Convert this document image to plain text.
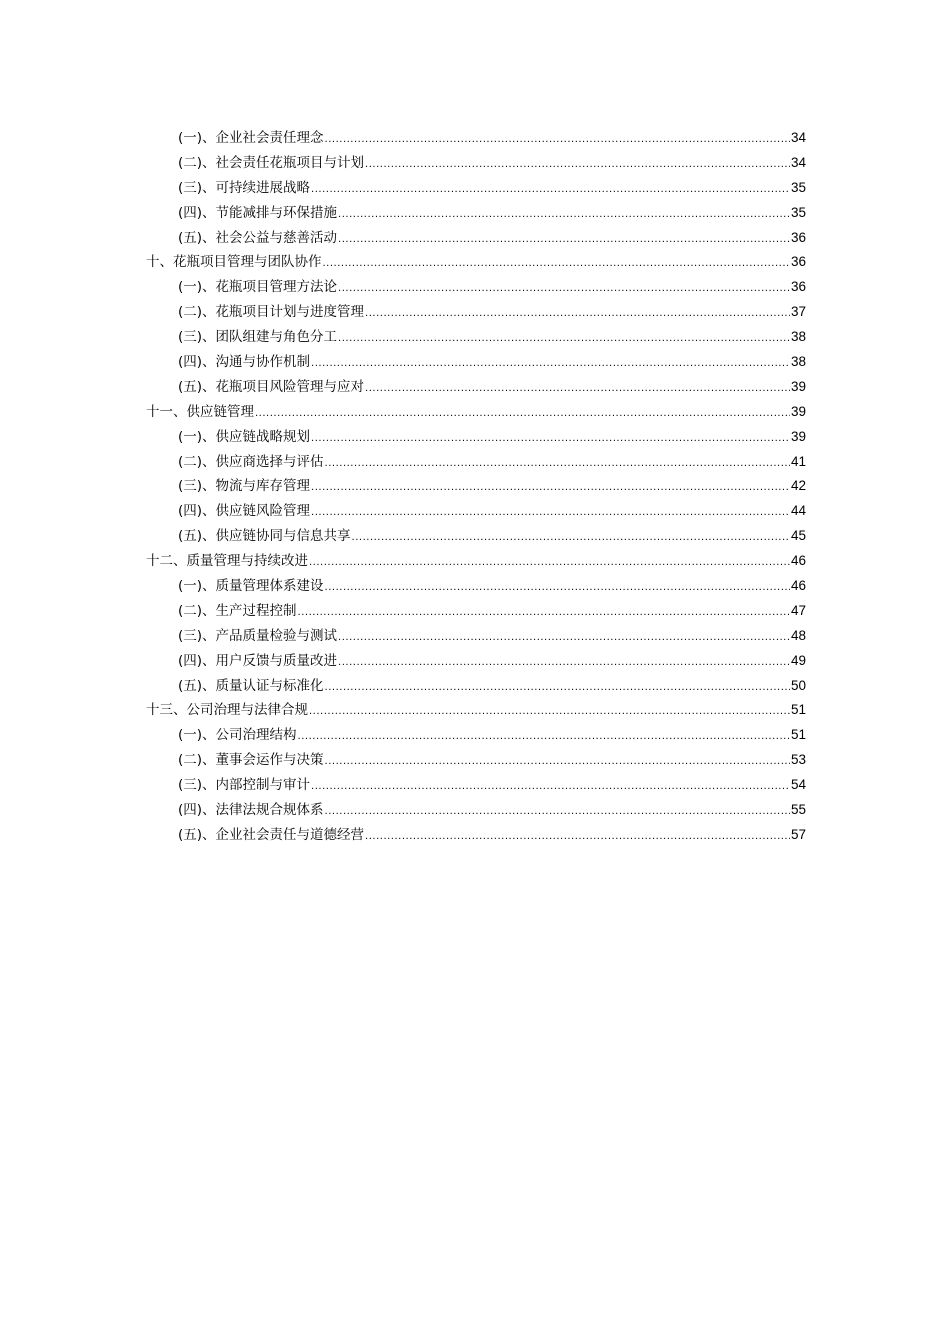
(一)、企业社会责任理念 .....	34
(二)、社会责任花瓶项目与计划 .....	34
(三)、可持续进展战略 .....	35
(四)、节能减排与环保措施 .....	35
(五)、社会公益与慈善活动 .....	36
十、花瓶项目管理与团队协作 .....	36
(一)、花瓶项目管理方法论 .....	36
(二)、花瓶项目计划与进度管理 .....	37
(三)、团队组建与角色分工 .....	38
(四)、沟通与协作机制 .....	38
(五)、花瓶项目风险管理与应对 .....	39
十一、供应链管理 .....	39
(一)、供应链战略规划 .....	39
(二)、供应商选择与评估 .....	41
(三)、物流与库存管理 .....	42
(四)、供应链风险管理 .....	44
(五)、供应链协同与信息共享 .....	45
十二、质量管理与持续改进 .....	46
(一)、质量管理体系建设 .....	46
(二)、生产过程控制 .....	47
(三)、产品质量检验与测试 .....	48
(四)、用户反馈与质量改进 .....	49
(五)、质量认证与标准化 .....	50
十三、公司治理与法律合规 .....	51
(一)、公司治理结构 .....	51
(二)、董事会运作与决策 .....	53
(三)、内部控制与审计 .....	54
(四)、法律法规合规体系 .....	55
(五)、企业社会责任与道德经营 .....	57
